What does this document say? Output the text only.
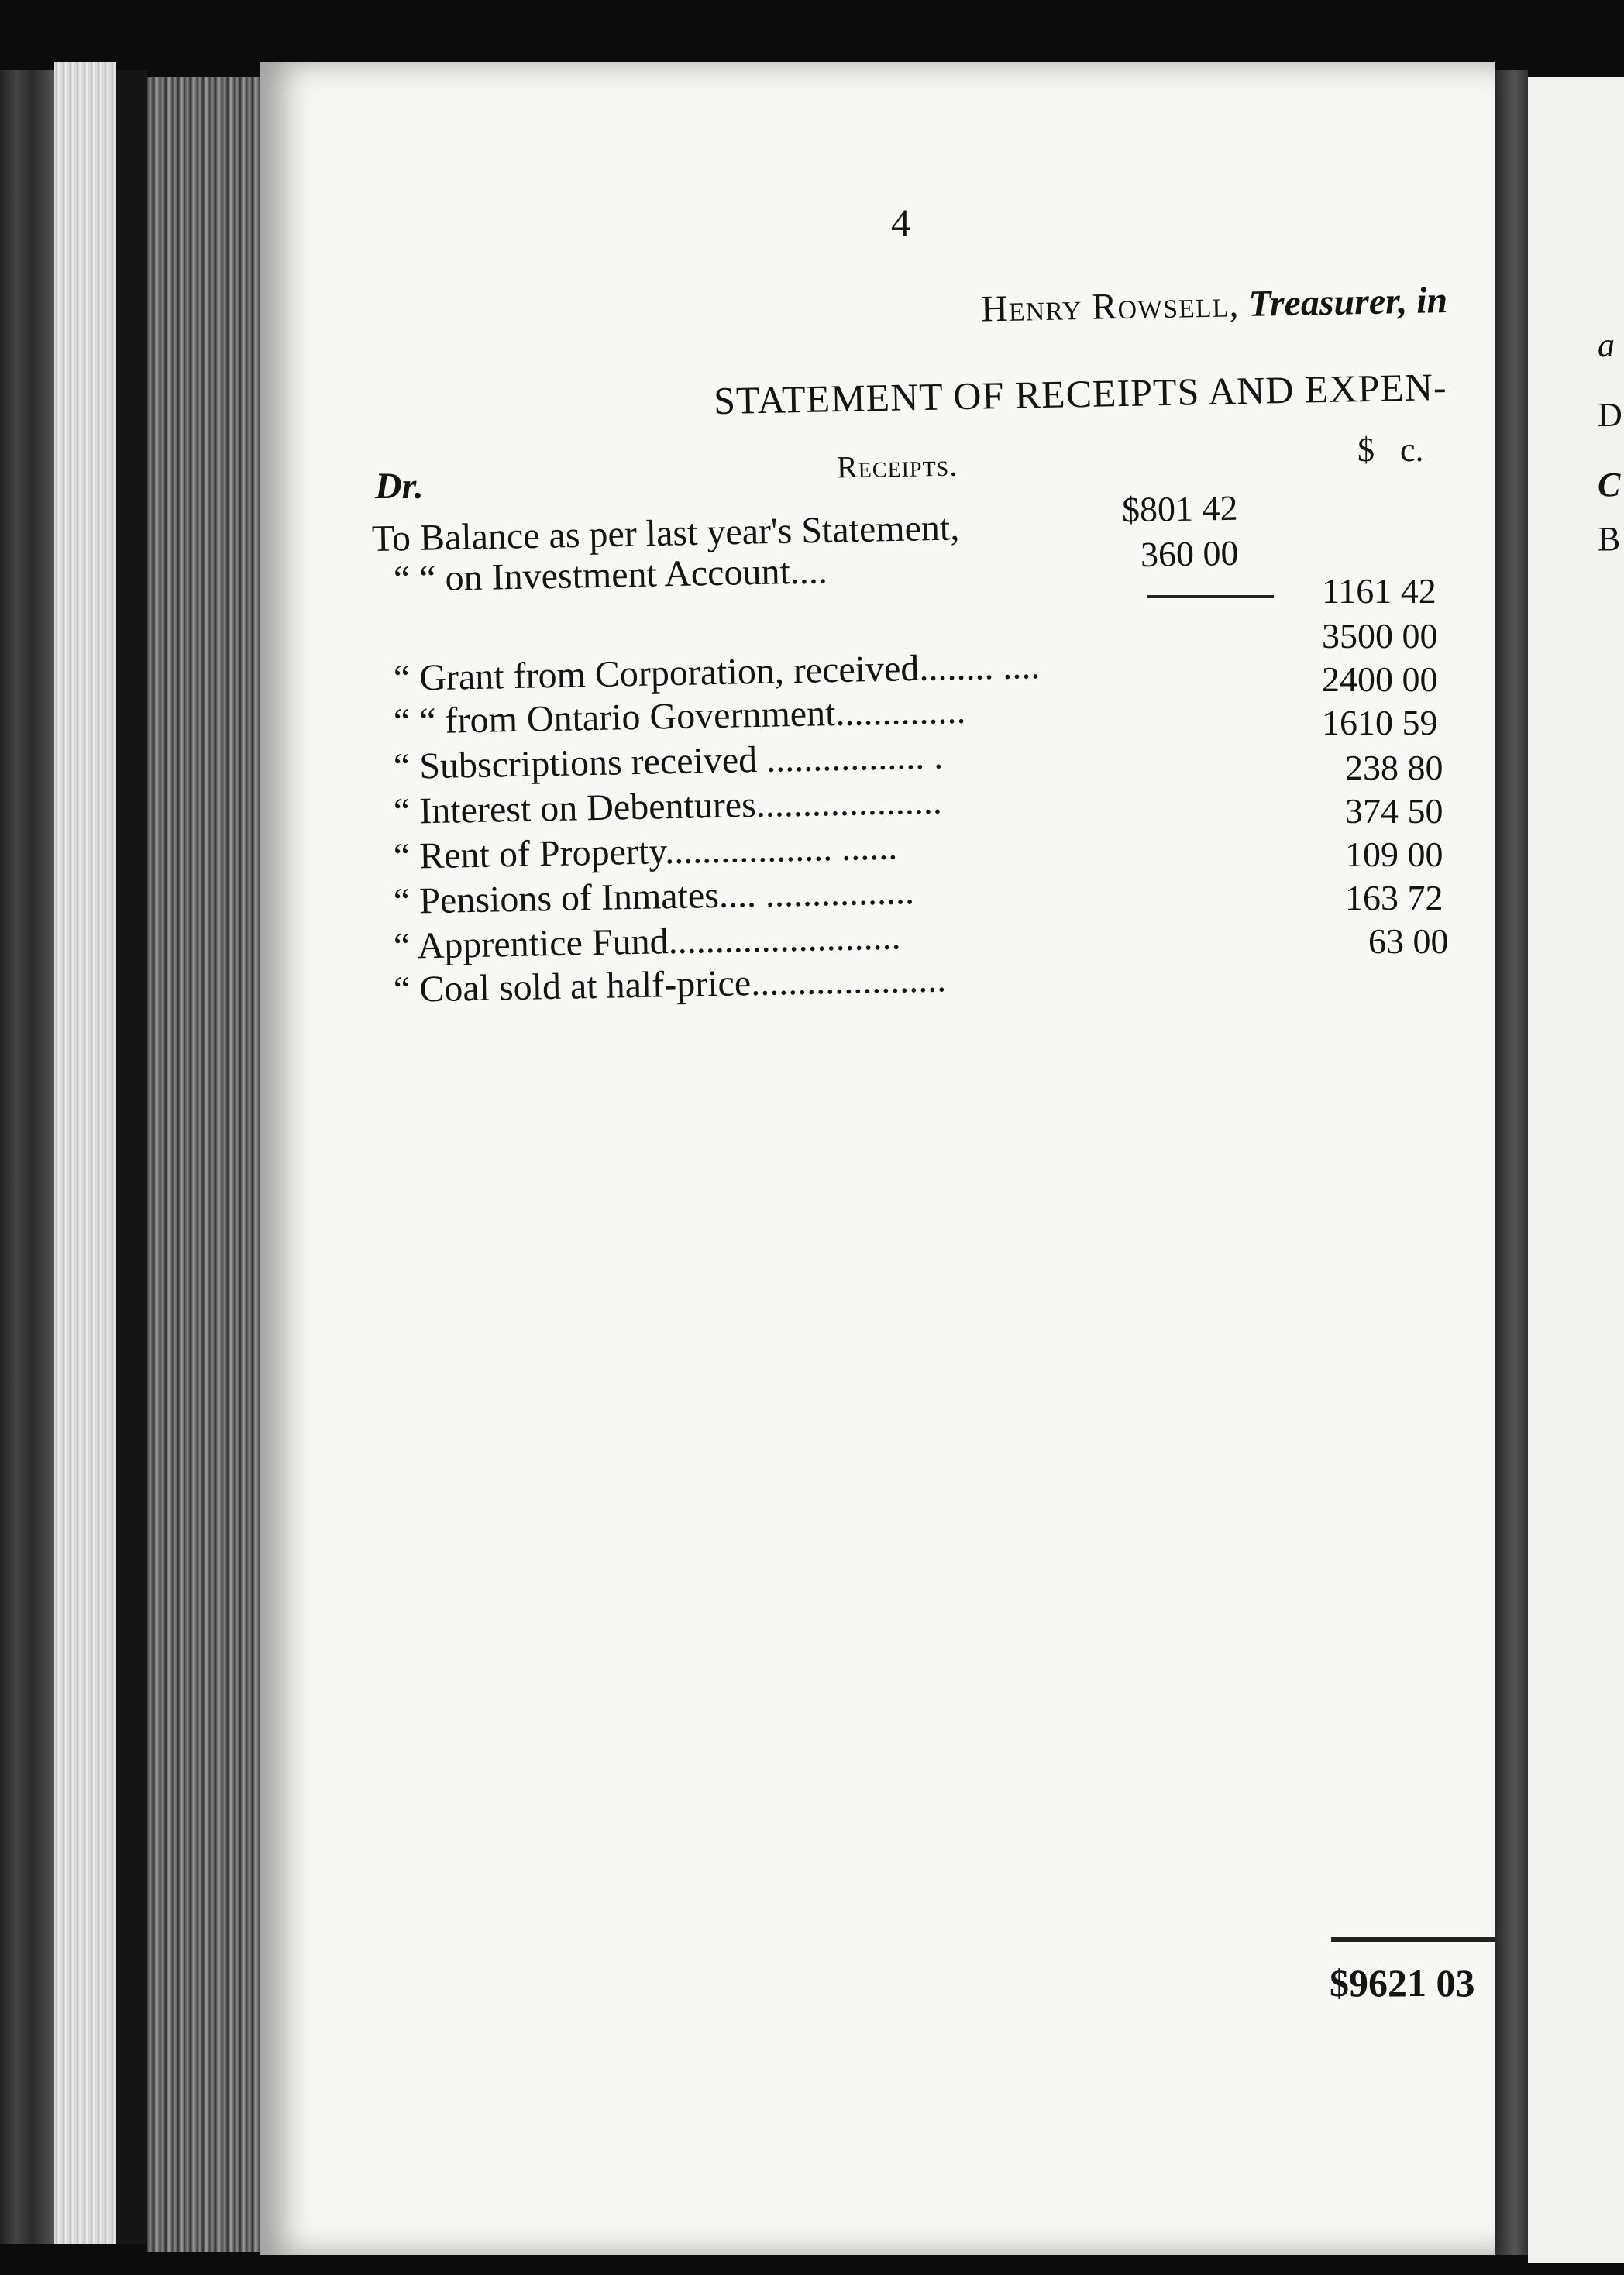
a
D
C
B
4
Henry Rowsell, Treasurer, in
STATEMENT OF RECEIPTS AND EXPEN-
$   c.
Receipts.
Dr.
To Balance as per last year's Statement,	$801 42
“ “ on Investment Account....	360 00
1161 42
“ Grant from Corporation, received........ ....
3500 00
“ “ from Ontario Government..............
2400 00
“ Subscriptions received ................. .
1610 59
“ Interest on Debentures....................
238 80
“ Rent of Property.................. ......
374 50
“ Pensions of Inmates.... ................
109 00
“ Apprentice Fund.........................
163 72
“ Coal sold at half-price.....................
63 00
$9621 03
